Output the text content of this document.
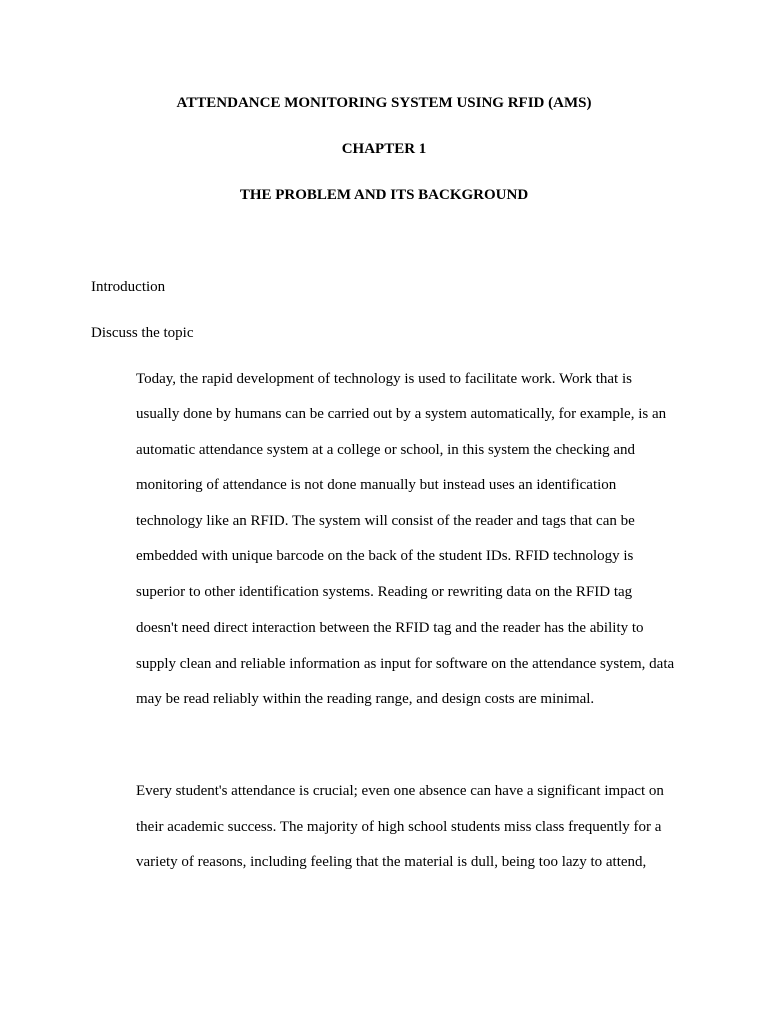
ATTENDANCE MONITORING SYSTEM USING RFID (AMS)
CHAPTER 1
THE PROBLEM AND ITS BACKGROUND
Introduction
Discuss the topic
Today, the rapid development of technology is used to facilitate work. Work that is
usually done by humans can be carried out by a system automatically, for example, is an
automatic attendance system at a college or school, in this system the checking and
monitoring of attendance is not done manually but instead uses an identification
technology like an RFID. The system will consist of the reader and tags that can be
embedded with unique barcode on the back of the student IDs. RFID technology is
superior to other identification systems. Reading or rewriting data on the RFID tag
doesn't need direct interaction between the RFID tag and the reader has the ability to
supply clean and reliable information as input for software on the attendance system, data
may be read reliably within the reading range, and design costs are minimal.
Every student's attendance is crucial; even one absence can have a significant impact on
their academic success. The majority of high school students miss class frequently for a
variety of reasons, including feeling that the material is dull, being too lazy to attend,
